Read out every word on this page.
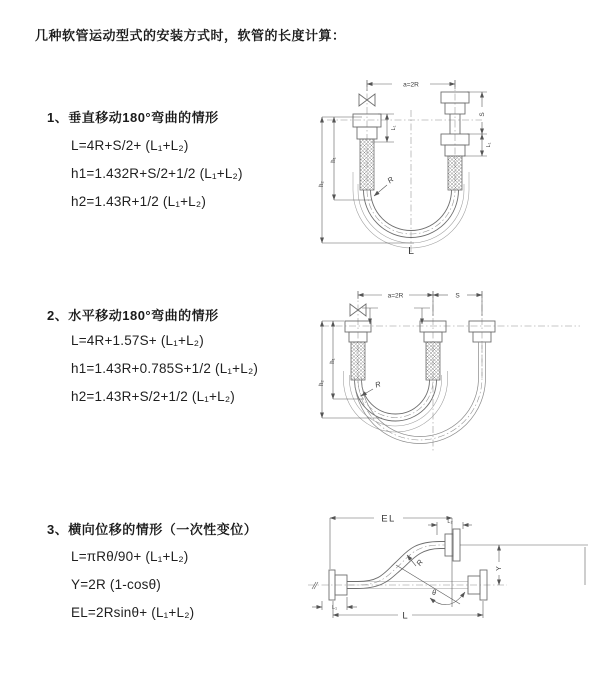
几种软管运动型式的安装方式时，软管的长度计算：
1、垂直移动180°弯曲的情形
L=4R+S/2+ (L₁+L₂)
h1=1.432R+S/2+1/2 (L₁+L₂)
h2=1.43R+1/2 (L₁+L₂)
2、水平移动180°弯曲的情形
L=4R+1.57S+ (L₁+L₂)
h1=1.43R+0.785S+1/2 (L₁+L₂)
h2=1.43R+S/2+1/2 (L₁+L₂)
3、横向位移的情形（一次性变位）
L=πRθ/90+ (L₁+L₂)
Y=2R (1-cosθ)
EL=2Rsinθ+ (L₁+L₂)
R
L
a=2R
h₁
h₂
L₁
S
L₁
R
a=2R	S
h₁
h₂
R
θ
EL	L₂
Y
L
L₁
